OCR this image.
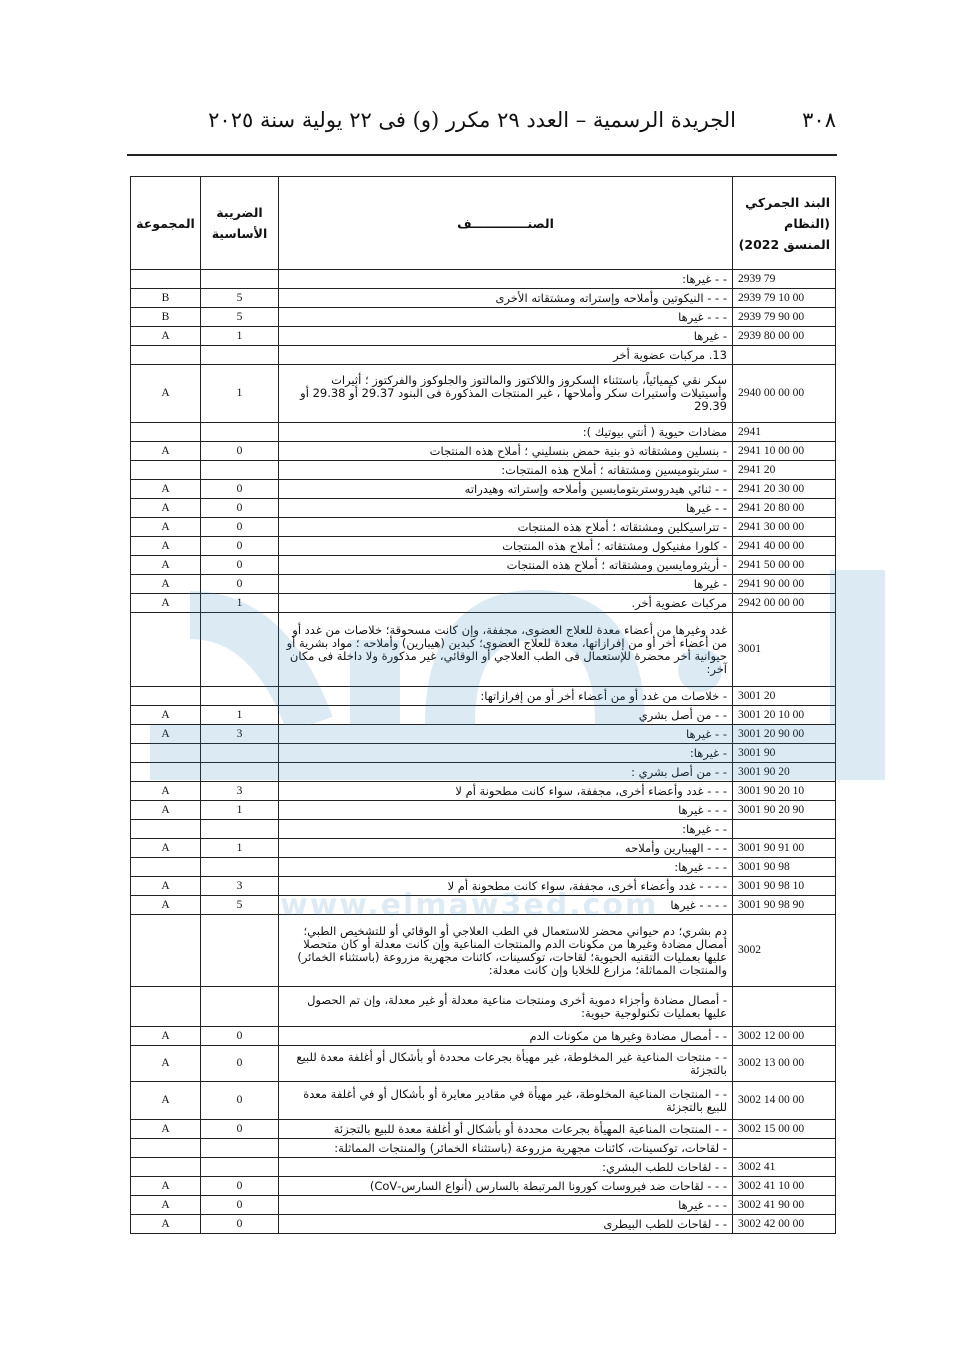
٣٠٨
الجريدة الرسمية – العدد ٢٩ مكرر (و) فى ٢٢ يولية سنة ٢٠٢٥
البند الجمركي (النظام المنسق 2022)	الصنـــــــــــــف	الضريبة الأساسية	المجموعة
2939 79	- - غيرها:		
2939 79 10 00	- - - النيكوتين وأملاحه وإستراته ومشتقاته الأخرى	5	B
2939 79 90 00	- - - غيرها	5	B
2939 80 00 00	- غيرها	1	A
	13. مركبات عضوية أخر		
2940 00 00 00	سكر نقي كيميائياً، باستثناء السكروز واللاكتوز والمالتوز والجلوكوز والفركتوز ؛ أثيرات وأسيتيلات وأستيرات سكر وأملاحها ، غير المنتجات المذكورة فى البنود 29.37 أو 29.38 أو 29.39	1	A
2941	مضادات حيوية ( أنتي بيوتيك ):		
2941 10 00 00	- بنسلين ومشتقاته ذو بنية حمض بنسليني ؛ أملاح هذه المنتجات	0	A
2941 20	- ستربتوميسين ومشتقاته ؛ أملاح هذه المنتجات:		
2941 20 30 00	- - ثنائي هيدروستربتومايسين وأملاحه وإستراته وهيدراته	0	A
2941 20 80 00	- - غيرها	0	A
2941 30 00 00	- تتراسيكلين ومشتقاته ؛ أملاح هذه المنتجات	0	A
2941 40 00 00	- كلورا مفنيكول ومشتقاته ؛ أملاح هذه المنتجات	0	A
2941 50 00 00	- أريثرومايسين ومشتقاته ؛ أملاح هذه المنتجات	0	A
2941 90 00 00	- غيرها	0	A
2942 00 00 00	مركبات عضوية أخر.	1	A
3001	غدد وغيرها من أعضاء معدة للعلاج العضوى، مجففة، وإن كانت مسحوقة؛ خلاصات من غدد أو من أعضاء أخر أو من إفرازاتها، معدة للعلاج العضوى؛ كبدين (هيبارين) وأملاحه ؛ مواد بشرية أو حيوانية أخر محضرة للإستعمال فى الطب العلاجي أو الوقائي، غير مذكورة ولا داخلة فى مكان آخر:		
3001 20	- خلاصات من غدد أو من أعضاء أخر أو من إفرازاتها:		
3001 20 10 00	- - من أصل بشري	1	A
3001 20 90 00	- - غيرها	3	A
3001 90	- غيرها:		
3001 90 20	- - من أصل بشري :		
3001 90 20 10	- - - غدد وأعضاء أخرى، مجففة، سواء كانت مطحونة أم لا	3	A
3001 90 20 90	- - - غيرها	1	A
	- - غيرها:		
3001 90 91 00	- - - الهيبارين وأملاحه	1	A
3001 90 98	- - - غيرها:		
3001 90 98 10	- - - - غدد وأعضاء أخرى، مجففة، سواء كانت مطحونة أم لا	3	A
3001 90 98 90	- - - - غيرها	5	A
3002	دم بشري؛ دم حيواني محضر للاستعمال في الطب العلاجي أو الوقائي أو للتشخيص الطبي؛ أمصال مضادة وغيرها من مكونات الدم والمنتجات المناعية وإن كانت معدلة أو كان متحصلا عليها بعمليات التقنيه الحيوية؛ لقاحات، توكسينات، كائنات مجهرية مزروعة (باستثناء الخمائر) والمنتجات المماثلة؛ مزارع للخلايا وإن كانت معدلة:		
	- أمصال مضادة وأجزاء دموية أخرى ومنتجات مناعية معدلة أو غير معدلة، وإن تم الحصول عليها بعمليات تكنولوجية حيوية:		
3002 12 00 00	- - أمصال مضادة وغيرها من مكونات الدم	0	A
3002 13 00 00	- - منتجات المناعية غير المخلوطة، غير مهيأة بجرعات محددة أو بأشكال أو أغلفة معدة للبيع بالتجزئة	0	A
3002 14 00 00	- - المنتجات المناعية المخلوطة، غير مهيأة في مقادير معايرة أو بأشكال أو في أغلفة معدة للبيع بالتجزئة	0	A
3002 15 00 00	- - المنتجات المناعية المهيأة بجرعات محددة أو بأشكال أو أغلفة معدة للبيع بالتجزئة	0	A
	- لقاحات، توكسينات، كائنات مجهرية مزروعة (باستثناء الخمائر) والمنتجات المماثلة:		
3002 41	- - لقاحات للطب البشري:		
3002 41 10 00	- - - لقاحات ضد فيروسات كورونا المرتبطة بالسارس (أنواع السارس-CoV)	0	A
3002 41 90 00	- - - غيرها	0	A
3002 42 00 00	- - لقاحات للطب البيطرى	0	A
www.elmaw3ed.com
